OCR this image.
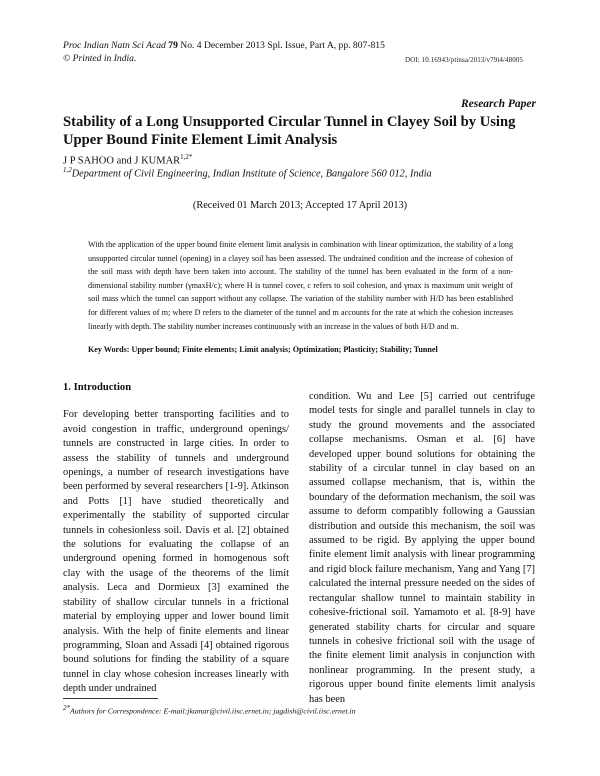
Proc Indian Natn Sci Acad 79 No. 4 December 2013 Spl. Issue, Part A, pp. 807-815
© Printed in India.	DOI: 10.16943/ptinsa/2013/v79i4/48005
Research Paper
Stability of a Long Unsupported Circular Tunnel in Clayey Soil by Using Upper Bound Finite Element Limit Analysis
J P SAHOO and J $KUMAR^{1,2*}$
$^{1,2}$Department of Civil Engineering, Indian Institute of Science, Bangalore 560 012, India
(Received 01 March 2013; Accepted 17 April 2013)
With the application of the upper bound finite element limit analysis in combination with linear optimization, the stability of a long unsupported circular tunnel (opening) in a clayey soil has been assessed. The undrained condition and the increase of cohesion of the soil mass with depth have been taken into account. The stability of the tunnel has been evaluated in the form of a non-dimensional stability number (γmaxH/c); where H is tunnel cover, c refers to soil cohesion, and γmax is maximum unit weight of soil mass which the tunnel can support without any collapse. The variation of the stability number with H/D has been established for different values of m; where D refers to the diameter of the tunnel and m accounts for the rate at which the cohesion increases linearly with depth. The stability number increases continuously with an increase in the values of both H/D and m.
Key Words: Upper bound; Finite elements; Limit analysis; Optimization; Plasticity; Stability; Tunnel
1. Introduction

For developing better transporting facilities and to avoid congestion in traffic, underground openings/ tunnels are constructed in large cities. In order to assess the stability of tunnels and underground openings, a number of research investigations have been performed by several researchers [1-9]. Atkinson and Potts [1] have studied theoretically and experimentally the stability of supported circular tunnels in cohesionless soil. Davis et al. [2] obtained the solutions for evaluating the collapse of an underground opening formed in homogenous soft clay with the usage of the theorems of the limit analysis. Leca and Dormieux [3] examined the stability of shallow circular tunnels in a frictional material by employing upper and lower bound limit analysis. With the help of finite elements and linear programming, Sloan and Assadi [4] obtained rigorous bound solutions for finding the stability of a square tunnel in clay whose cohesion increases linearly with depth under undrained

condition. Wu and Lee [5] carried out centrifuge model tests for single and parallel tunnels in clay to study the ground movements and the associated collapse mechanisms. Osman et al. [6] have developed upper bound solutions for obtaining the stability of a circular tunnel in clay based on an assumed collapse mechanism, that is, within the boundary of the deformation mechanism, the soil was assume to deform compatibly following a Gaussian distribution and outside this mechanism, the soil was assumed to be rigid. By applying the upper bound finite element limit analysis with linear programming and rigid block failure mechanism, Yang and Yang [7] calculated the internal pressure needed on the sides of rectangular shallow tunnel to maintain stability in cohesive-frictional soil. Yamamoto et al. [8-9] have generated stability charts for circular and square tunnels in cohesive frictional soil with the usage of the finite element limit analysis in conjunction with nonlinear programming. In the present study, a rigorous upper bound finite elements limit analysis has been

$^{2*}$Authors for Correspondence: E-mail:jkumar@civil.iisc.ernet.in; jagdish@civil.iisc.ernet.in
